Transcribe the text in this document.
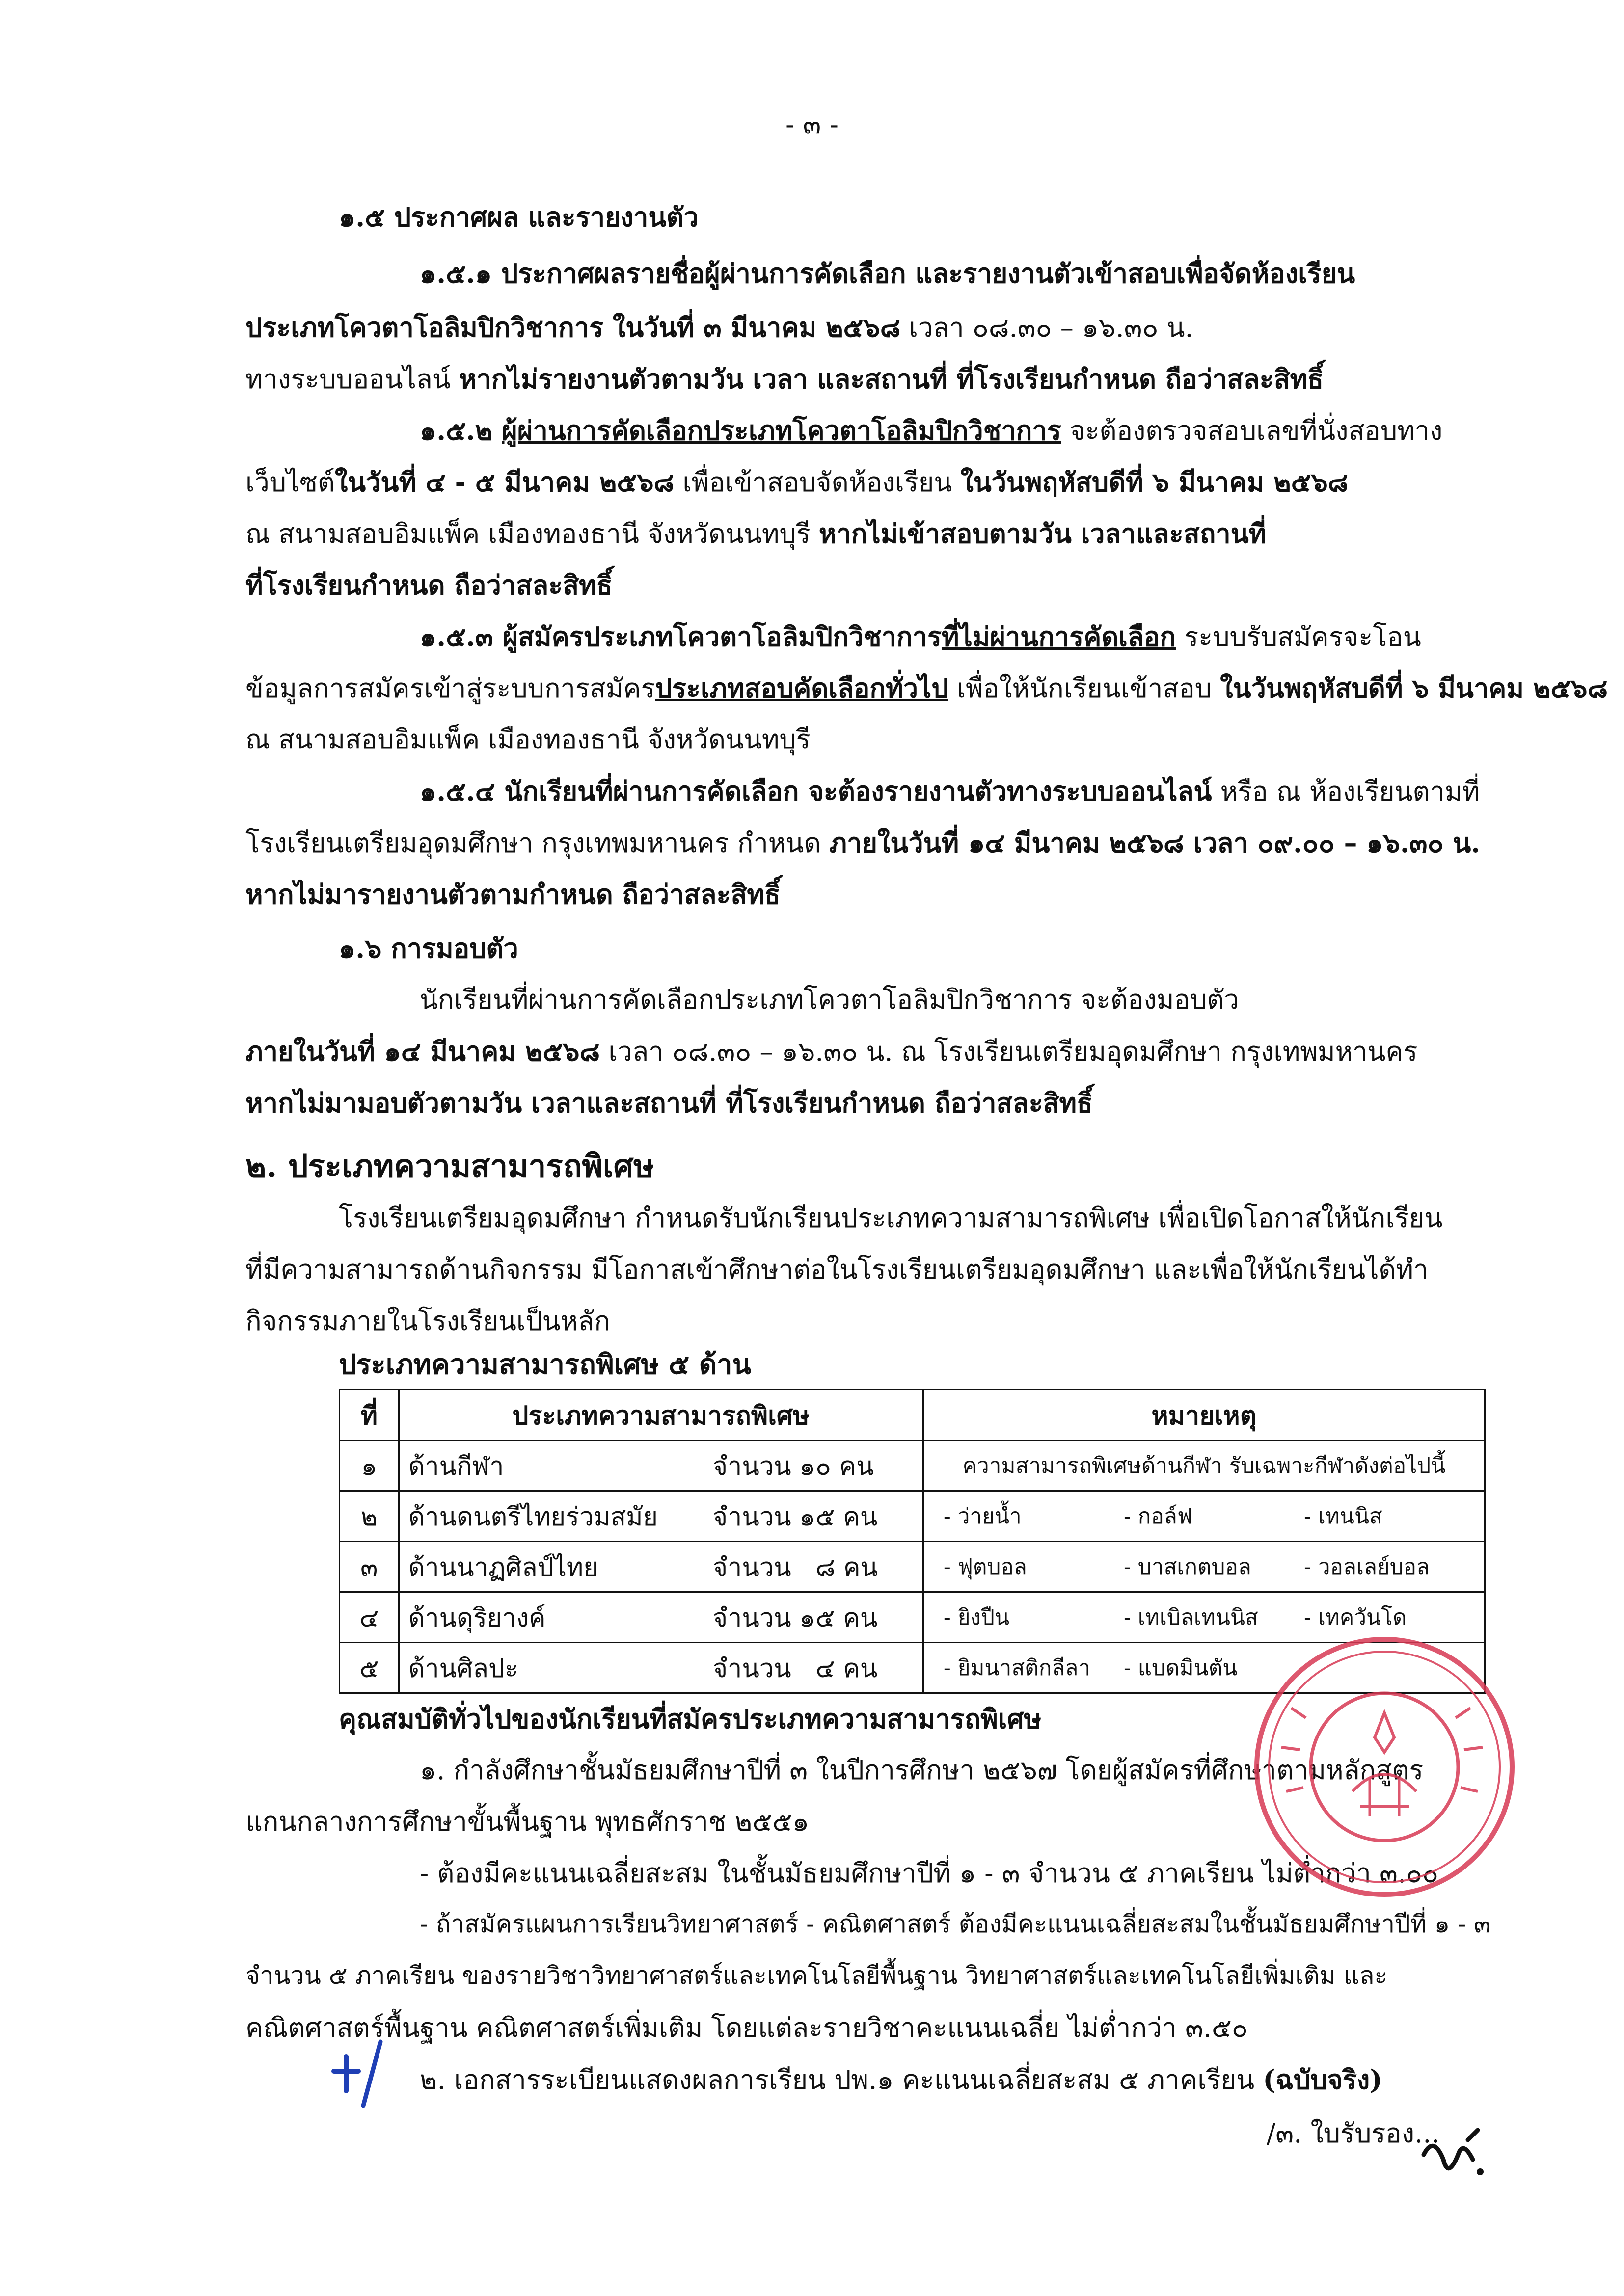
- ๓ -
๑.๕ ประกาศผล และรายงานตัว
๑.๕.๑ ประกาศผลรายชื่อผู้ผ่านการคัดเลือก และรายงานตัวเข้าสอบเพื่อจัดห้องเรียน
ประเภทโควตาโอลิมปิกวิชาการ ในวันที่ ๓ มีนาคม ๒๕๖๘ เวลา ๐๘.๓๐ – ๑๖.๓๐ น.
ทางระบบออนไลน์ หากไม่รายงานตัวตามวัน เวลา และสถานที่ ที่โรงเรียนกำหนด ถือว่าสละสิทธิ์
๑.๕.๒ ผู้ผ่านการคัดเลือกประเภทโควตาโอลิมปิกวิชาการ จะต้องตรวจสอบเลขที่นั่งสอบทาง
เว็บไซต์ในวันที่ ๔ - ๕ มีนาคม ๒๕๖๘ เพื่อเข้าสอบจัดห้องเรียน ในวันพฤหัสบดีที่ ๖ มีนาคม ๒๕๖๘
ณ สนามสอบอิมแพ็ค เมืองทองธานี จังหวัดนนทบุรี หากไม่เข้าสอบตามวัน เวลาและสถานที่
ที่โรงเรียนกำหนด ถือว่าสละสิทธิ์
๑.๕.๓ ผู้สมัครประเภทโควตาโอลิมปิกวิชาการที่ไม่ผ่านการคัดเลือก ระบบรับสมัครจะโอน
ข้อมูลการสมัครเข้าสู่ระบบการสมัครประเภทสอบคัดเลือกทั่วไป เพื่อให้นักเรียนเข้าสอบ ในวันพฤหัสบดีที่ ๖ มีนาคม ๒๕๖๘
ณ สนามสอบอิมแพ็ค เมืองทองธานี จังหวัดนนทบุรี
๑.๕.๔ นักเรียนที่ผ่านการคัดเลือก จะต้องรายงานตัวทางระบบออนไลน์ หรือ ณ ห้องเรียนตามที่
โรงเรียนเตรียมอุดมศึกษา กรุงเทพมหานคร กำหนด ภายในวันที่ ๑๔ มีนาคม ๒๕๖๘ เวลา ๐๙.๐๐ – ๑๖.๓๐ น.
หากไม่มารายงานตัวตามกำหนด ถือว่าสละสิทธิ์
๑.๖ การมอบตัว
นักเรียนที่ผ่านการคัดเลือกประเภทโควตาโอลิมปิกวิชาการ จะต้องมอบตัว
ภายในวันที่ ๑๔ มีนาคม ๒๕๖๘ เวลา ๐๘.๓๐ – ๑๖.๓๐ น. ณ โรงเรียนเตรียมอุดมศึกษา กรุงเทพมหานคร
หากไม่มามอบตัวตามวัน เวลาและสถานที่ ที่โรงเรียนกำหนด ถือว่าสละสิทธิ์
๒. ประเภทความสามารถพิเศษ
โรงเรียนเตรียมอุดมศึกษา กำหนดรับนักเรียนประเภทความสามารถพิเศษ เพื่อเปิดโอกาสให้นักเรียน
ที่มีความสามารถด้านกิจกรรม มีโอกาสเข้าศึกษาต่อในโรงเรียนเตรียมอุดมศึกษา และเพื่อให้นักเรียนได้ทำ
กิจกรรมภายในโรงเรียนเป็นหลัก
ประเภทความสามารถพิเศษ ๕ ด้าน
ที่	ประเภทความสามารถพิเศษ	หมายเหตุ
๑	ด้านกีฬา จำนวน ๑๐ คน	ความสามารถพิเศษด้านกีฬา รับเฉพาะกีฬาดังต่อไปนี้

๒	ด้านดนตรีไทยร่วมสมัย จำนวน ๑๕ คน	- ว่ายน้ำ - กอล์ฟ - เทนนิส

๓	ด้านนาฏศิลป์ไทย จำนวน   ๘ คน	- ฟุตบอล - บาสเกตบอล - วอลเลย์บอล

๔	ด้านดุริยางค์ จำนวน ๑๕ คน	- ยิงปืน - เทเบิลเทนนิส - เทควันโด

๕	ด้านศิลปะ จำนวน   ๔ คน	- ยิมนาสติกลีลา - แบดมินตัน
คุณสมบัติทั่วไปของนักเรียนที่สมัครประเภทความสามารถพิเศษ
๑. กำลังศึกษาชั้นมัธยมศึกษาปีที่ ๓ ในปีการศึกษา ๒๕๖๗ โดยผู้สมัครที่ศึกษาตามหลักสูตร
แกนกลางการศึกษาขั้นพื้นฐาน พุทธศักราช ๒๕๕๑
- ต้องมีคะแนนเฉลี่ยสะสม ในชั้นมัธยมศึกษาปีที่ ๑ - ๓ จำนวน ๕ ภาคเรียน ไม่ต่ำกว่า ๓.๐๐
- ถ้าสมัครแผนการเรียนวิทยาศาสตร์ - คณิตศาสตร์ ต้องมีคะแนนเฉลี่ยสะสมในชั้นมัธยมศึกษาปีที่ ๑ - ๓
จำนวน ๕ ภาคเรียน ของรายวิชาวิทยาศาสตร์และเทคโนโลยีพื้นฐาน วิทยาศาสตร์และเทคโนโลยีเพิ่มเติม และ
คณิตศาสตร์พื้นฐาน คณิตศาสตร์เพิ่มเติม โดยแต่ละรายวิชาคะแนนเฉลี่ย ไม่ต่ำกว่า ๓.๕๐
๒. เอกสารระเบียนแสดงผลการเรียน ปพ.๑ คะแนนเฉลี่ยสะสม ๕ ภาคเรียน (ฉบับจริง)
/๓. ใบรับรอง...
